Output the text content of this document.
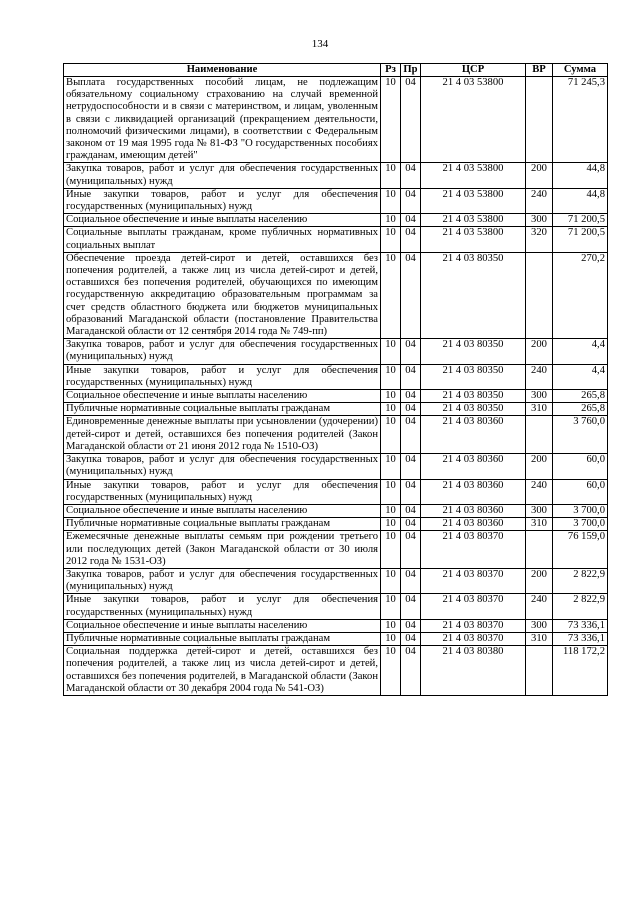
134
Наименование	Рз	Пр	ЦСР	ВР	Сумма
Выплата государственных пособий лицам, не подлежащим обязательному социальному страхованию на случай временной нетрудоспособности и в связи с материнством, и лицам, уволенным в связи с ликвидацией организаций (прекращением деятельности, полномочий физическими лицами), в соответствии с Федеральным законом от 19 мая 1995 года № 81-ФЗ "О государственных пособиях гражданам, имеющим детей"	10	04	21 4 03 53800		71 245,3
Закупка товаров, работ и услуг для обеспечения государственных (муниципальных) нужд	10	04	21 4 03 53800	200	44,8
Иные закупки товаров, работ и услуг для обеспечения государственных (муниципальных) нужд	10	04	21 4 03 53800	240	44,8
Социальное обеспечение и иные выплаты населению	10	04	21 4 03 53800	300	71 200,5
Социальные выплаты гражданам, кроме публичных нормативных социальных выплат	10	04	21 4 03 53800	320	71 200,5
Обеспечение проезда детей-сирот и детей, оставшихся без попечения родителей, а также лиц из числа детей-сирот и детей, оставшихся без попечения родителей, обучающихся по имеющим государственную аккредитацию образовательным программам за счет средств областного бюджета или бюджетов муниципальных образований Магаданской области (постановление Правительства Магаданской области от 12 сентября 2014 года № 749-пп)	10	04	21 4 03 80350		270,2
Закупка товаров, работ и услуг для обеспечения государственных (муниципальных) нужд	10	04	21 4 03 80350	200	4,4
Иные закупки товаров, работ и услуг для обеспечения государственных (муниципальных) нужд	10	04	21 4 03 80350	240	4,4
Социальное обеспечение и иные выплаты населению	10	04	21 4 03 80350	300	265,8
Публичные нормативные социальные выплаты гражданам	10	04	21 4 03 80350	310	265,8
Единовременные денежные выплаты при усыновлении (удочерении) детей-сирот и детей, оставшихся без попечения родителей (Закон Магаданской области от 21 июня 2012 года № 1510-ОЗ)	10	04	21 4 03 80360		3 760,0
Закупка товаров, работ и услуг для обеспечения государственных (муниципальных) нужд	10	04	21 4 03 80360	200	60,0
Иные закупки товаров, работ и услуг для обеспечения государственных (муниципальных) нужд	10	04	21 4 03 80360	240	60,0
Социальное обеспечение и иные выплаты населению	10	04	21 4 03 80360	300	3 700,0
Публичные нормативные социальные выплаты гражданам	10	04	21 4 03 80360	310	3 700,0
Ежемесячные денежные выплаты семьям при рождении третьего или последующих детей (Закон Магаданской области от 30 июля 2012 года № 1531-ОЗ)	10	04	21 4 03 80370		76 159,0
Закупка товаров, работ и услуг для обеспечения государственных (муниципальных) нужд	10	04	21 4 03 80370	200	2 822,9
Иные закупки товаров, работ и услуг для обеспечения государственных (муниципальных) нужд	10	04	21 4 03 80370	240	2 822,9
Социальное обеспечение и иные выплаты населению	10	04	21 4 03 80370	300	73 336,1
Публичные нормативные социальные выплаты гражданам	10	04	21 4 03 80370	310	73 336,1
Социальная поддержка детей-сирот и детей, оставшихся без попечения родителей, а также лиц из числа детей-сирот и детей, оставшихся без попечения родителей, в Магаданской области (Закон Магаданской области от 30 декабря 2004 года № 541-ОЗ)	10	04	21 4 03 80380		118 172,2
